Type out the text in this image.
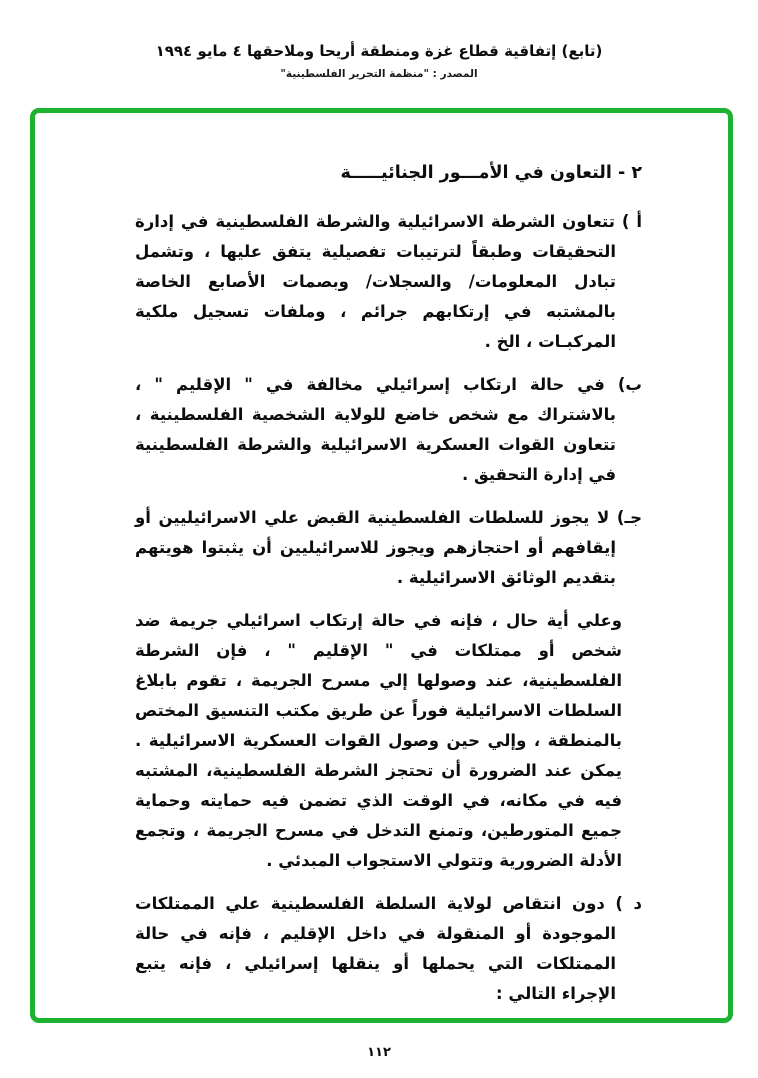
(تابع) إتفاقية قطاع غزة ومنطقة أريحا وملاحقها ٤ مايو ١٩٩٤
المصدر : "منظمة التحرير الفلسطينية"
٢ - التعاون في الأمـــور الجنائيـــــة

أ ) تتعاون الشرطة الاسرائيلية والشرطة الفلسطينية في إدارة التحقيقات وطبقاً لترتيبات تفصيلية يتفق عليها ، وتشمل تبادل المعلومات/ والسجلات/ وبصمات الأصابع الخاصة بالمشتبه في إرتكابهم جرائم ، وملفات تسجيل ملكية المركبـات ، الخ .

ب) في حالة ارتكاب إسرائيلي مخالفة في " الإقليم " ، بالاشتراك مع شخص خاضع للولاية الشخصية الفلسطينية ، تتعاون القوات العسكرية الاسرائيلية والشرطة الفلسطينية في إدارة التحقيق .

جـ) لا يجوز للسلطات الفلسطينية القبض علي الاسرائيليين أو إيقافهم أو احتجازهم ويجوز للاسرائيليين أن يثبتوا هويتهم بتقديم الوثائق الاسرائيلية .

وعلي أية حال ، فإنه في حالة إرتكاب اسرائيلي جريمة ضد شخص أو ممتلكات في " الإقليم " ، فإن الشرطة الفلسطينية، عند وصولها إلي مسرح الجريمة ، تقوم بابلاغ السلطات الاسرائيلية فوراً عن طريق مكتب التنسيق المختص بالمنطقة ، وإلي حين وصول القوات العسكرية الاسرائيلية . يمكن عند الضرورة أن تحتجز الشرطة الفلسطينية، المشتبه فيه في مكانه، في الوقت الذي تضمن فيه حمايته وحماية جميع المتورطين، وتمنع التدخل في مسرح الجريمة ، وتجمع الأدلة الضرورية وتتولي الاستجواب المبدئي .

د ) دون انتقاص لولاية السلطة الفلسطينية علي الممتلكات الموجودة أو المنقولة في داخل الإقليم ، فإنه في حالة الممتلكات التي يحملها أو ينقلها إسرائيلي ، فإنه يتبع الإجراء التالي :

١١٢
